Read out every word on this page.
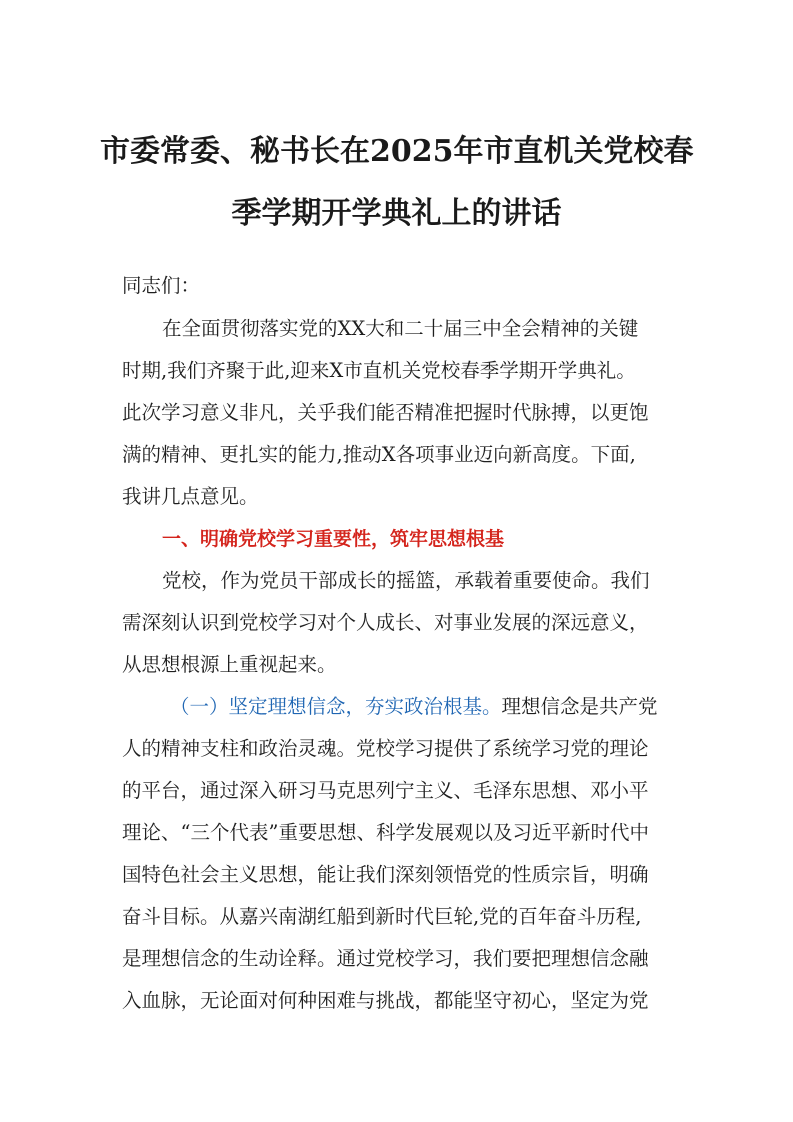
市委常委、秘书长在2025年市直机关党校春
季学期开学典礼上的讲话

同志们：

在全面贯彻落实党的XX大和二十届三中全会精神的关键

时期,我们齐聚于此,迎来X市直机关党校春季学期开学典礼。

此次学习意义非凡，关乎我们能否精准把握时代脉搏，以更饱

满的精神、更扎实的能力,推动X各项事业迈向新高度。下面,

我讲几点意见。

一、明确党校学习重要性，筑牢思想根基

党校，作为党员干部成长的摇篮，承载着重要使命。我们

需深刻认识到党校学习对个人成长、对事业发展的深远意义，

从思想根源上重视起来。

（一）坚定理想信念，夯实政治根基。理想信念是共产党

人的精神支柱和政治灵魂。党校学习提供了系统学习党的理论

的平台，通过深入研习马克思列宁主义、毛泽东思想、邓小平

理论、“三个代表”重要思想、科学发展观以及习近平新时代中

国特色社会主义思想，能让我们深刻领悟党的性质宗旨，明确

奋斗目标。从嘉兴南湖红船到新时代巨轮,党的百年奋斗历程,

是理想信念的生动诠释。通过党校学习，我们要把理想信念融

入血脉，无论面对何种困难与挑战，都能坚守初心，坚定为党
